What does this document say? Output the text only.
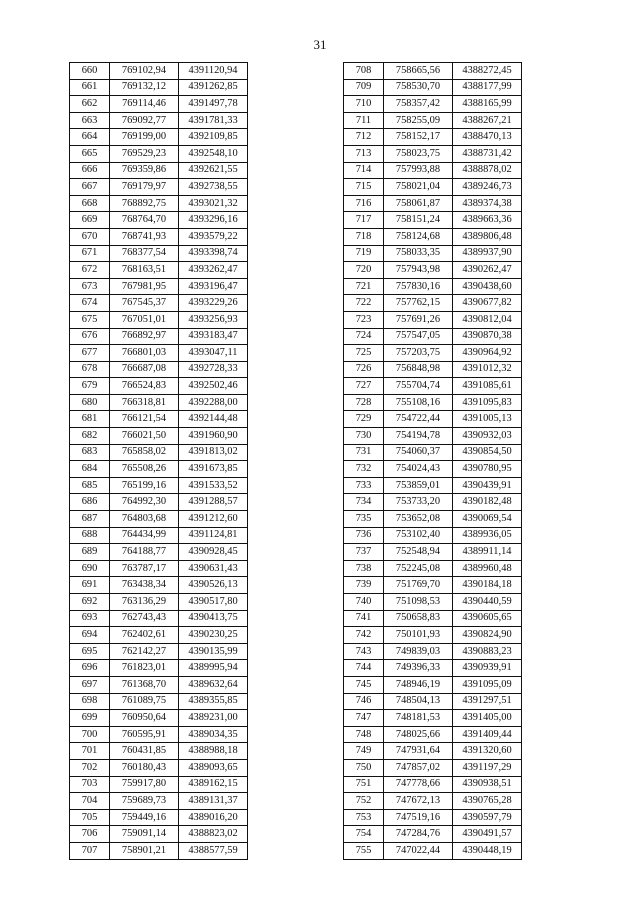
31
660	769102,94	4391120,94
661	769132,12	4391262,85
662	769114,46	4391497,78
663	769092,77	4391781,33
664	769199,00	4392109,85
665	769529,23	4392548,10
666	769359,86	4392621,55
667	769179,97	4392738,55
668	768892,75	4393021,32
669	768764,70	4393296,16
670	768741,93	4393579,22
671	768377,54	4393398,74
672	768163,51	4393262,47
673	767981,95	4393196,47
674	767545,37	4393229,26
675	767051,01	4393256,93
676	766892,97	4393183,47
677	766801,03	4393047,11
678	766687,08	4392728,33
679	766524,83	4392502,46
680	766318,81	4392288,00
681	766121,54	4392144,48
682	766021,50	4391960,90
683	765858,02	4391813,02
684	765508,26	4391673,85
685	765199,16	4391533,52
686	764992,30	4391288,57
687	764803,68	4391212,60
688	764434,99	4391124,81
689	764188,77	4390928,45
690	763787,17	4390631,43
691	763438,34	4390526,13
692	763136,29	4390517,80
693	762743,43	4390413,75
694	762402,61	4390230,25
695	762142,27	4390135,99
696	761823,01	4389995,94
697	761368,70	4389632,64
698	761089,75	4389355,85
699	760950,64	4389231,00
700	760595,91	4389034,35
701	760431,85	4388988,18
702	760180,43	4389093,65
703	759917,80	4389162,15
704	759689,73	4389131,37
705	759449,16	4389016,20
706	759091,14	4388823,02
707	758901,21	4388577,59
708	758665,56	4388272,45
709	758530,70	4388177,99
710	758357,42	4388165,99
711	758255,09	4388267,21
712	758152,17	4388470,13
713	758023,75	4388731,42
714	757993,88	4388878,02
715	758021,04	4389246,73
716	758061,87	4389374,38
717	758151,24	4389663,36
718	758124,68	4389806,48
719	758033,35	4389937,90
720	757943,98	4390262,47
721	757830,16	4390438,60
722	757762,15	4390677,82
723	757691,26	4390812,04
724	757547,05	4390870,38
725	757203,75	4390964,92
726	756848,98	4391012,32
727	755704,74	4391085,61
728	755108,16	4391095,83
729	754722,44	4391005,13
730	754194,78	4390932,03
731	754060,37	4390854,50
732	754024,43	4390780,95
733	753859,01	4390439,91
734	753733,20	4390182,48
735	753652,08	4390069,54
736	753102,40	4389936,05
737	752548,94	4389911,14
738	752245,08	4389960,48
739	751769,70	4390184,18
740	751098,53	4390440,59
741	750658,83	4390605,65
742	750101,93	4390824,90
743	749839,03	4390883,23
744	749396,33	4390939,91
745	748946,19	4391095,09
746	748504,13	4391297,51
747	748181,53	4391405,00
748	748025,66	4391409,44
749	747931,64	4391320,60
750	747857,02	4391197,29
751	747778,66	4390938,51
752	747672,13	4390765,28
753	747519,16	4390597,79
754	747284,76	4390491,57
755	747022,44	4390448,19
